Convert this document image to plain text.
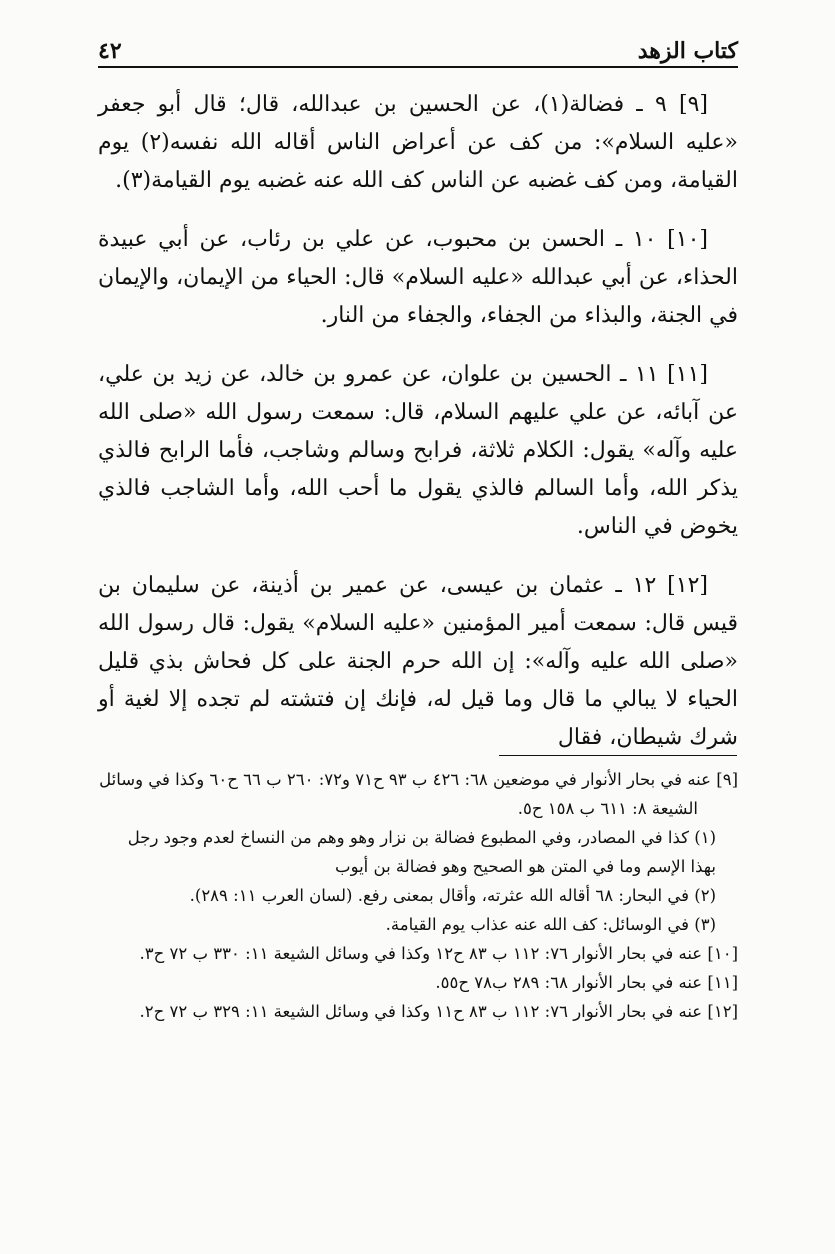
كتاب الزهد
٤٢

[٩] ٩ ـ فضالة(١)، عن الحسين بن عبدالله، قال؛ قال أبو جعفر «عليه السلام»: من كف عن أعراض الناس أقاله الله نفسه(٢) يوم القيامة، ومن كف غضبه عن الناس كف الله عنه غضبه يوم القيامة(٣).

[١٠] ١٠ ـ الحسن بن محبوب، عن علي بن رئاب، عن أبي عبيدة الحذاء، عن أبي عبدالله «عليه السلام» قال: الحياء من الإيمان، والإيمان في الجنة، والبذاء من الجفاء، والجفاء من النار.

[١١] ١١ ـ الحسين بن علوان، عن عمرو بن خالد، عن زيد بن علي، عن آبائه، عن علي عليهم السلام، قال: سمعت رسول الله «صلى الله عليه وآله» يقول: الكلام ثلاثة، فرابح وسالم وشاجب، فأما الرابح فالذي يذكر الله، وأما السالم فالذي يقول ما أحب الله، وأما الشاجب فالذي يخوض في الناس.

[١٢] ١٢ ـ عثمان بن عيسى، عن عمير بن أذينة، عن سليمان بن قيس قال: سمعت أمير المؤمنين «عليه السلام» يقول: قال رسول الله «صلى الله عليه وآله»: إن الله حرم الجنة على كل فحاش بذي قليل الحياء لا يبالي ما قال وما قيل له، فإنك إن فتشته لم تجده إلا لغية أو شرك شيطان، فقال

[٩] عنه في بحار الأنوار في موضعين ٦٨: ٤٢٦ ب ٩٣ ح٧١ و٧٢: ٢٦٠ ب ٦٦ ح٦٠ وكذا في وسائل الشيعة ٨: ٦١١ ب ١٥٨ ح٥.

(١) كذا في المصادر، وفي المطبوع فضالة بن نزار وهو وهم من النساخ لعدم وجود رجل بهذا الإسم وما في المتن هو الصحيح وهو فضالة بن أيوب

(٢) في البحار: ٦٨ أقاله الله عثرته، وأقال بمعنى رفع. (لسان العرب ١١: ٢٨٩).

(٣) في الوسائل: كف الله عنه عذاب يوم القيامة.

[١٠] عنه في بحار الأنوار ٧٦: ١١٢ ب ٨٣ ح١٢ وكذا في وسائل الشيعة ١١: ٣٣٠ ب ٧٢ ح٣.

[١١] عنه في بحار الأنوار ٦٨: ٢٨٩ ب٧٨ ح٥٥.

[١٢] عنه في بحار الأنوار ٧٦: ١١٢ ب ٨٣ ح١١ وكذا في وسائل الشيعة ١١: ٣٢٩ ب ٧٢ ح٢.
